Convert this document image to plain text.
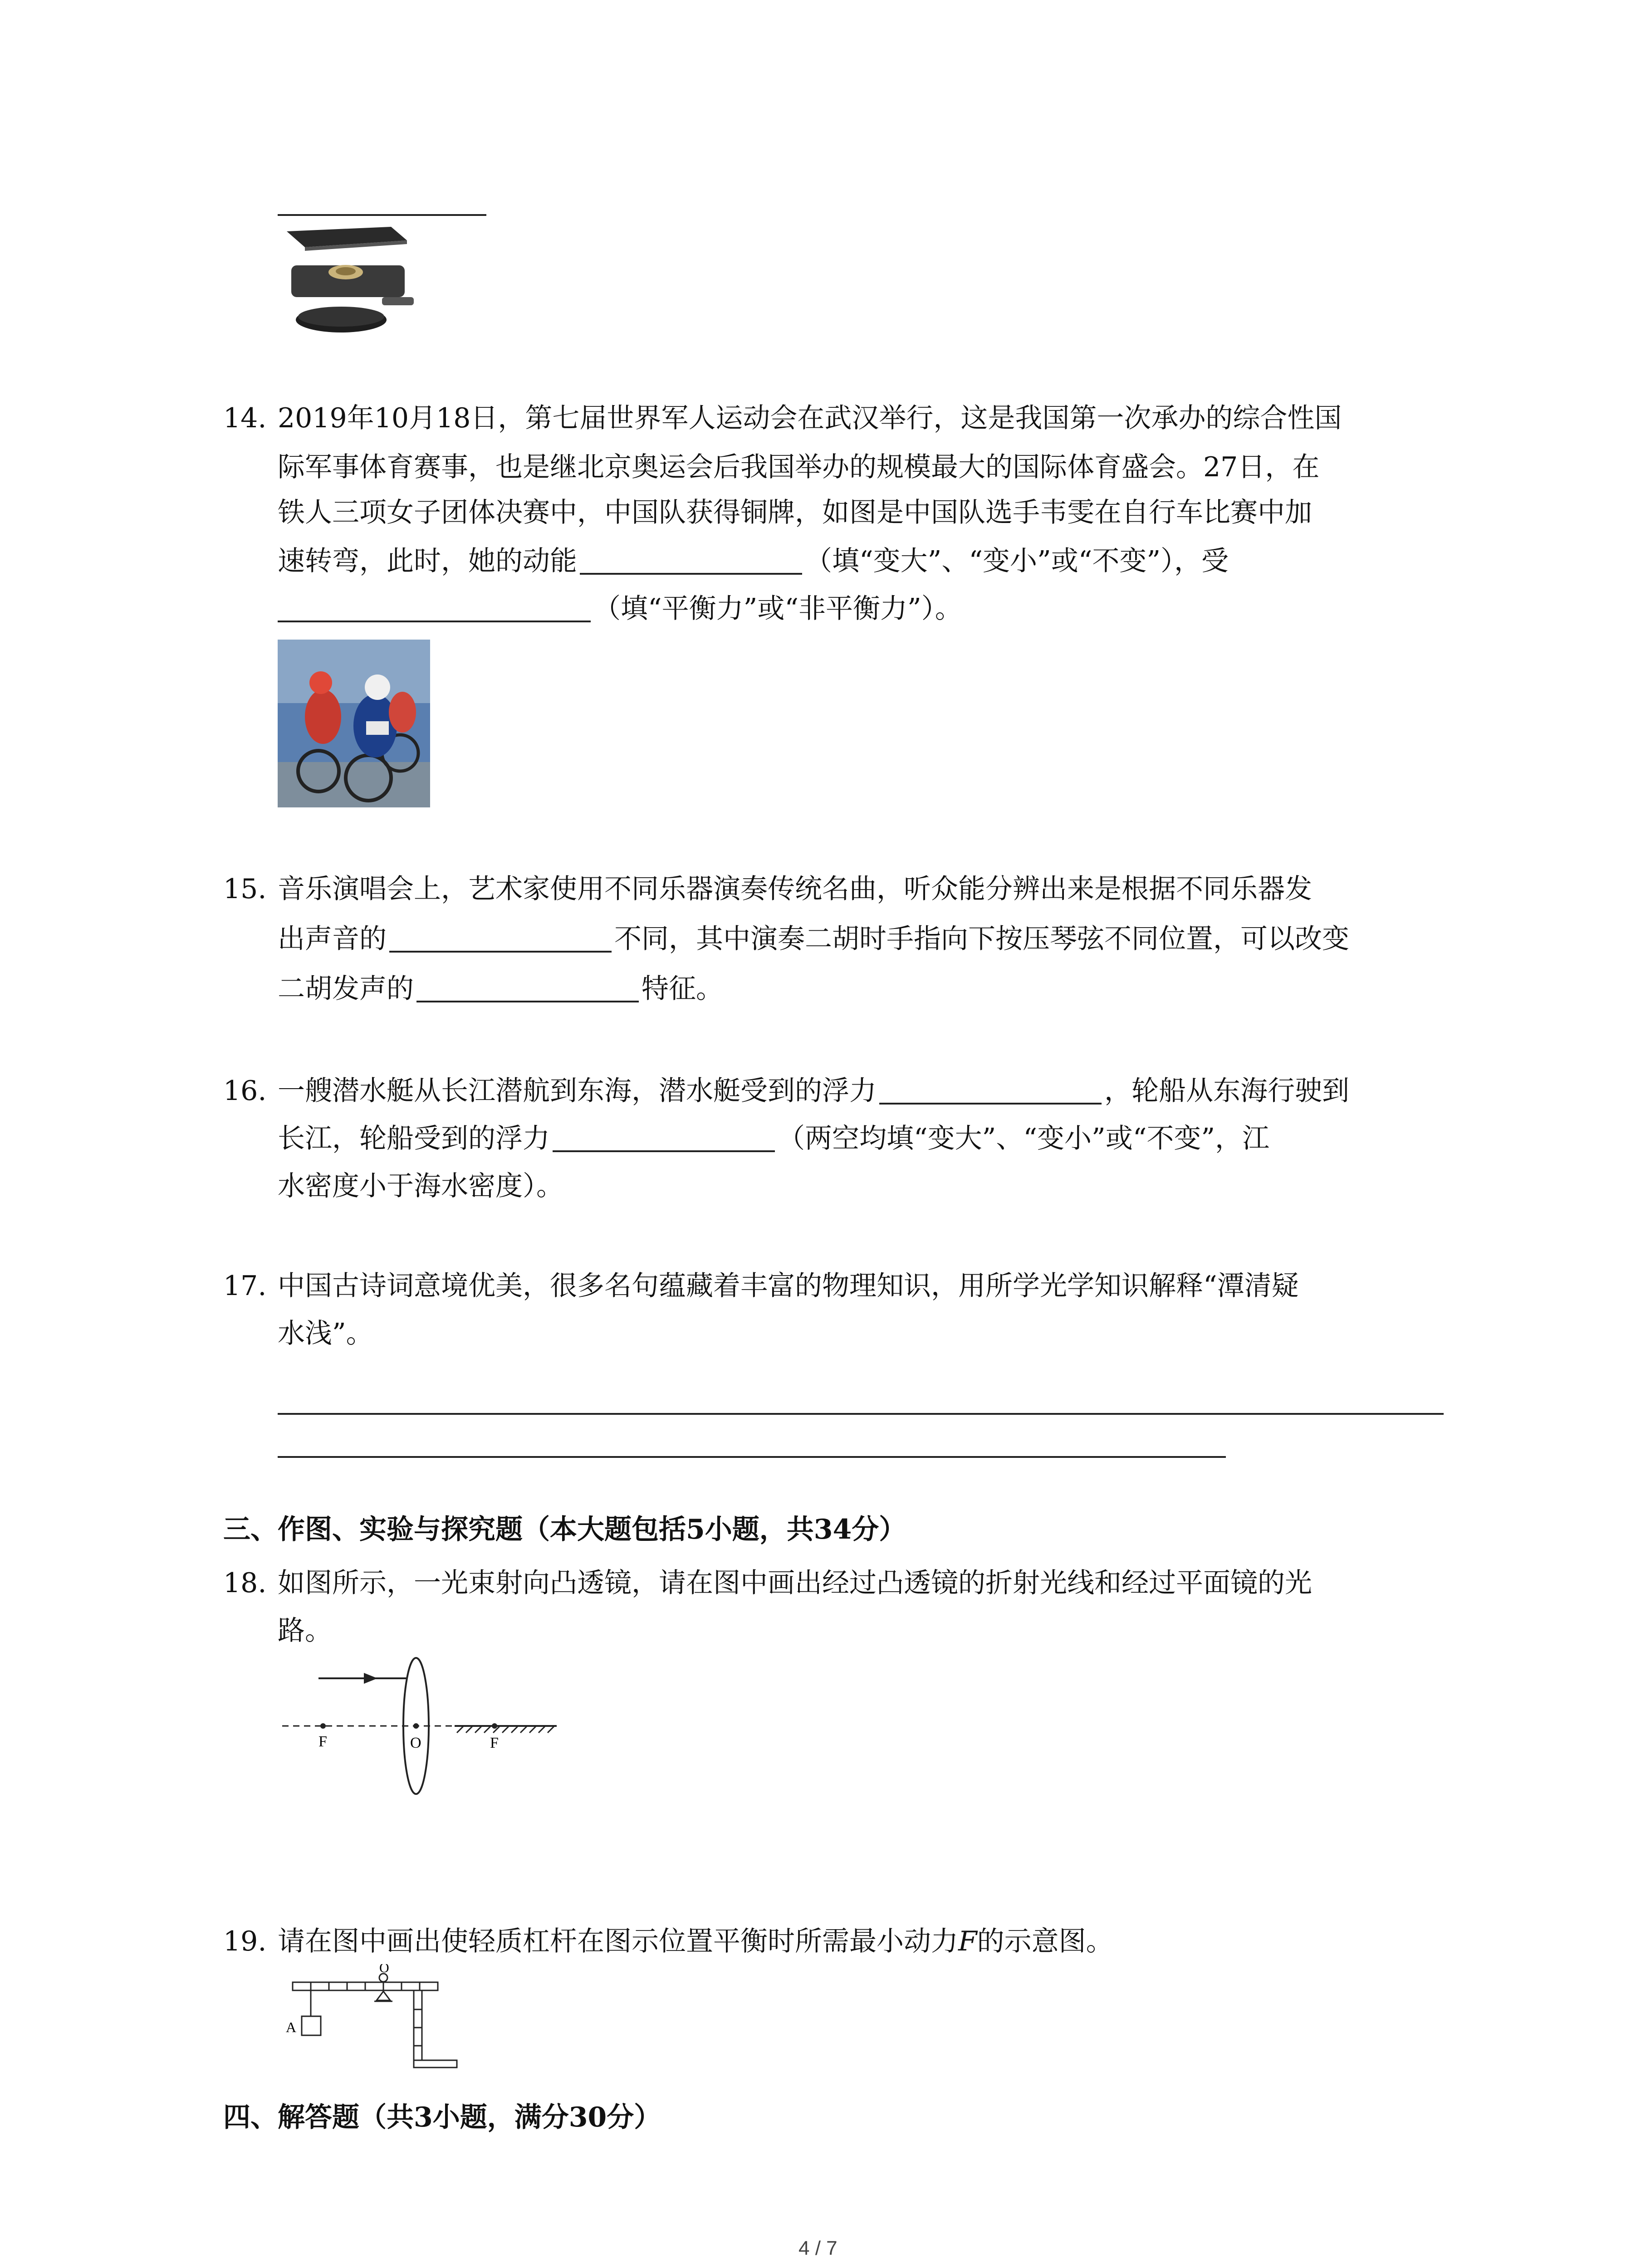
14. 2019年10月18日，第七届世界军人运动会在武汉举行，这是我国第一次承办的综合性国
际军事体育赛事，也是继北京奥运会后我国举办的规模最大的国际体育盛会。27日，在
铁人三项女子团体决赛中，中国队获得铜牌，如图是中国队选手韦雯在自行车比赛中加
速转弯，此时，她的动能	（填“变大”、“变小”或“不变”），受
（填“平衡力”或“非平衡力”）。
15. 音乐演唱会上，艺术家使用不同乐器演奏传统名曲，听众能分辨出来是根据不同乐器发
出声音的	不同，其中演奏二胡时手指向下按压琴弦不同位置，可以改变
二胡发声的	特征。
16. 一艘潜水艇从长江潜航到东海，潜水艇受到的浮力	，轮船从东海行驶到
长江，轮船受到的浮力	（两空均填“变大”、“变小”或“不变”，江
水密度小于海水密度）。
17. 中国古诗词意境优美，很多名句蕴藏着丰富的物理知识，用所学光学知识解释“潭清疑
水浅”。
三、作图、实验与探究题（本大题包括5小题，共34分）
18. 如图所示，一光束射向凸透镜，请在图中画出经过凸透镜的折射光线和经过平面镜的光
路。
F	O	F
19. 请在图中画出使轻质杠杆在图示位置平衡时所需最小动力F的示意图。
O
A
四、解答题（共3小题，满分30分）
4 / 7
